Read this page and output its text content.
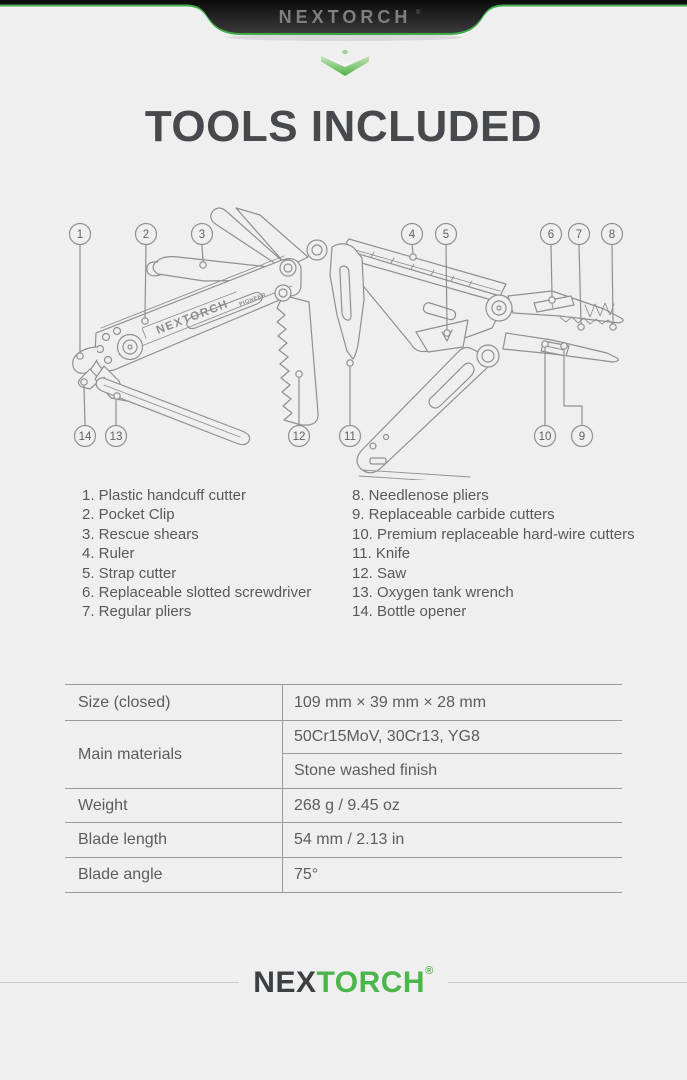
NEXTORCH ®
TOOLS INCLUDED
NEXTORCH PIONEER
1	2	3	4 5	6 7 8
9
10
11
12
13
14
1. Plastic handcuff cutter
2. Pocket Clip
3. Rescue shears
4. Ruler
5. Strap cutter
6. Replaceable slotted screwdriver
7. Regular pliers
8. Needlenose pliers
9. Replaceable carbide cutters
10. Premium replaceable hard-wire cutters
11. Knife
12. Saw
13. Oxygen tank wrench
14. Bottle opener
Size (closed)	109 mm × 39 mm × 28 mm
Main materials
50Cr15MoV, 30Cr13, YG8
Stone washed finish
Weight	268 g / 9.45 oz
Blade length	54 mm / 2.13 in
Blade angle	75°
NEXTORCH®
